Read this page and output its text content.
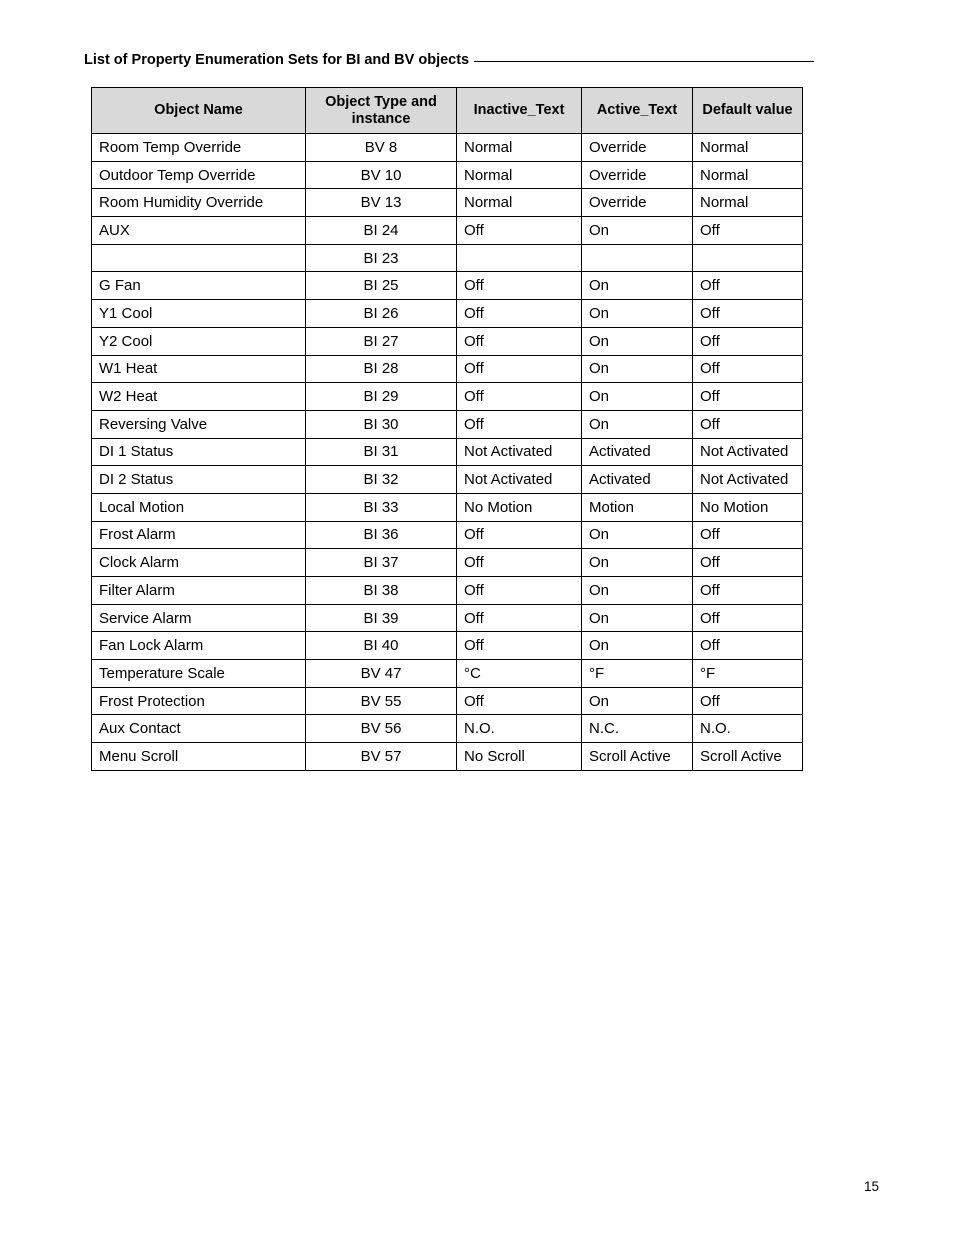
List of Property Enumeration Sets for BI and BV objects
Object Name	Object Type and instance	Inactive_Text	Active_Text	Default value
Room Temp Override	BV 8	Normal	Override	Normal
Outdoor Temp Override	BV 10	Normal	Override	Normal
Room Humidity Override	BV 13	Normal	Override	Normal
AUX	BI 24	Off	On	Off
	BI 23			
G Fan	BI 25	Off	On	Off
Y1 Cool	BI 26	Off	On	Off
Y2 Cool	BI 27	Off	On	Off
W1 Heat	BI 28	Off	On	Off
W2 Heat	BI 29	Off	On	Off
Reversing Valve	BI 30	Off	On	Off
DI 1 Status	BI 31	Not Activated	Activated	Not Activated
DI 2 Status	BI 32	Not Activated	Activated	Not Activated
Local Motion	BI 33	No Motion	Motion	No Motion
Frost Alarm	BI 36	Off	On	Off
Clock Alarm	BI 37	Off	On	Off
Filter Alarm	BI 38	Off	On	Off
Service Alarm	BI 39	Off	On	Off
Fan Lock Alarm	BI 40	Off	On	Off
Temperature Scale	BV 47	°C	°F	°F
Frost Protection	BV 55	Off	On	Off
Aux Contact	BV 56	N.O.	N.C.	N.O.
Menu Scroll	BV 57	No Scroll	Scroll Active	Scroll Active
15
